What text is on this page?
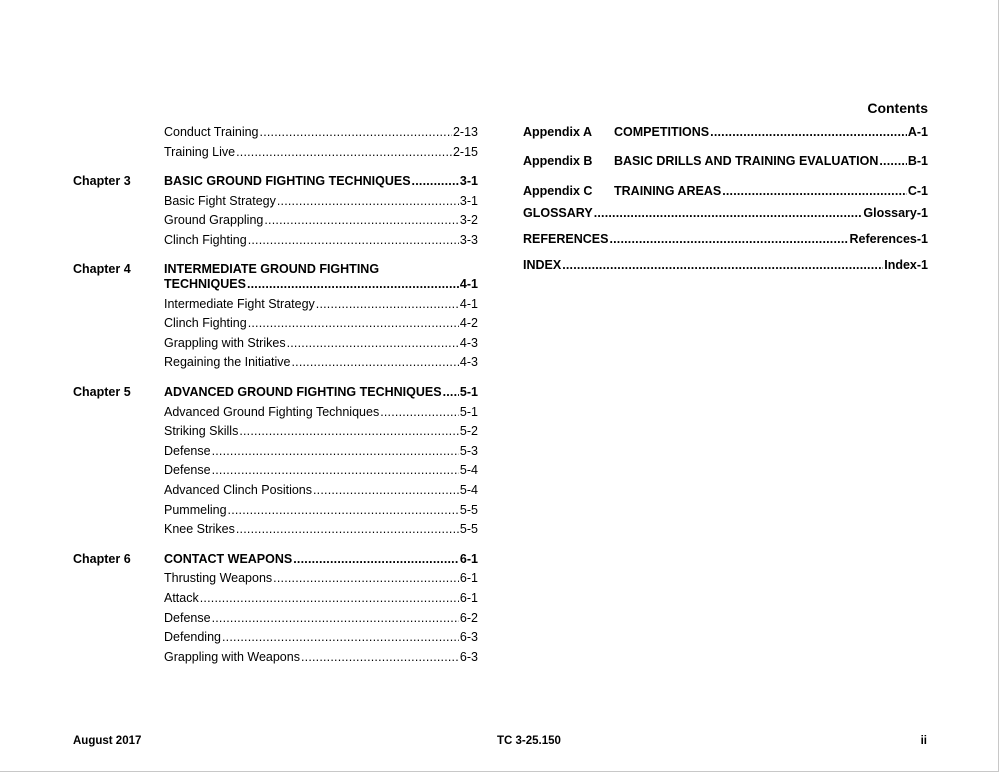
Contents
Conduct Training .....	2-13
Training Live .....	2-15
Chapter 3	BASIC GROUND FIGHTING TECHNIQUES .....	3-1
Basic Fight Strategy .....	3-1
Ground Grappling .....	3-2
Clinch Fighting .....	3-3
Chapter 4	INTERMEDIATE GROUND FIGHTING
TECHNIQUES .....	4-1
Intermediate Fight Strategy .....	4-1
Clinch Fighting .....	4-2
Grappling with Strikes .....	4-3
Regaining the Initiative .....	4-3
Chapter 5	ADVANCED GROUND FIGHTING TECHNIQUES ..... 5-1
Advanced Ground Fighting Techniques .....	5-1
Striking Skills .....	5-2
Defense .....	5-3
Defense .....	5-4
Advanced Clinch Positions .....	5-4
Pummeling .....	5-5
Knee Strikes .....	5-5
Chapter 6	CONTACT WEAPONS .....	6-1
Thrusting Weapons .....	6-1
Attack .....	6-1
Defense .....	6-2
Defending .....	6-3
Grappling with Weapons .....	6-3
Appendix A COMPETITIONS .....	A-1
Appendix B BASIC DRILLS AND TRAINING EVALUATION ..... B-1
Appendix C TRAINING AREAS .....	C-1
GLOSSARY .....	Glossary-1
REFERENCES .....	References-1
INDEX .....	Index-1
August 2017	TC 3-25.150	ii
